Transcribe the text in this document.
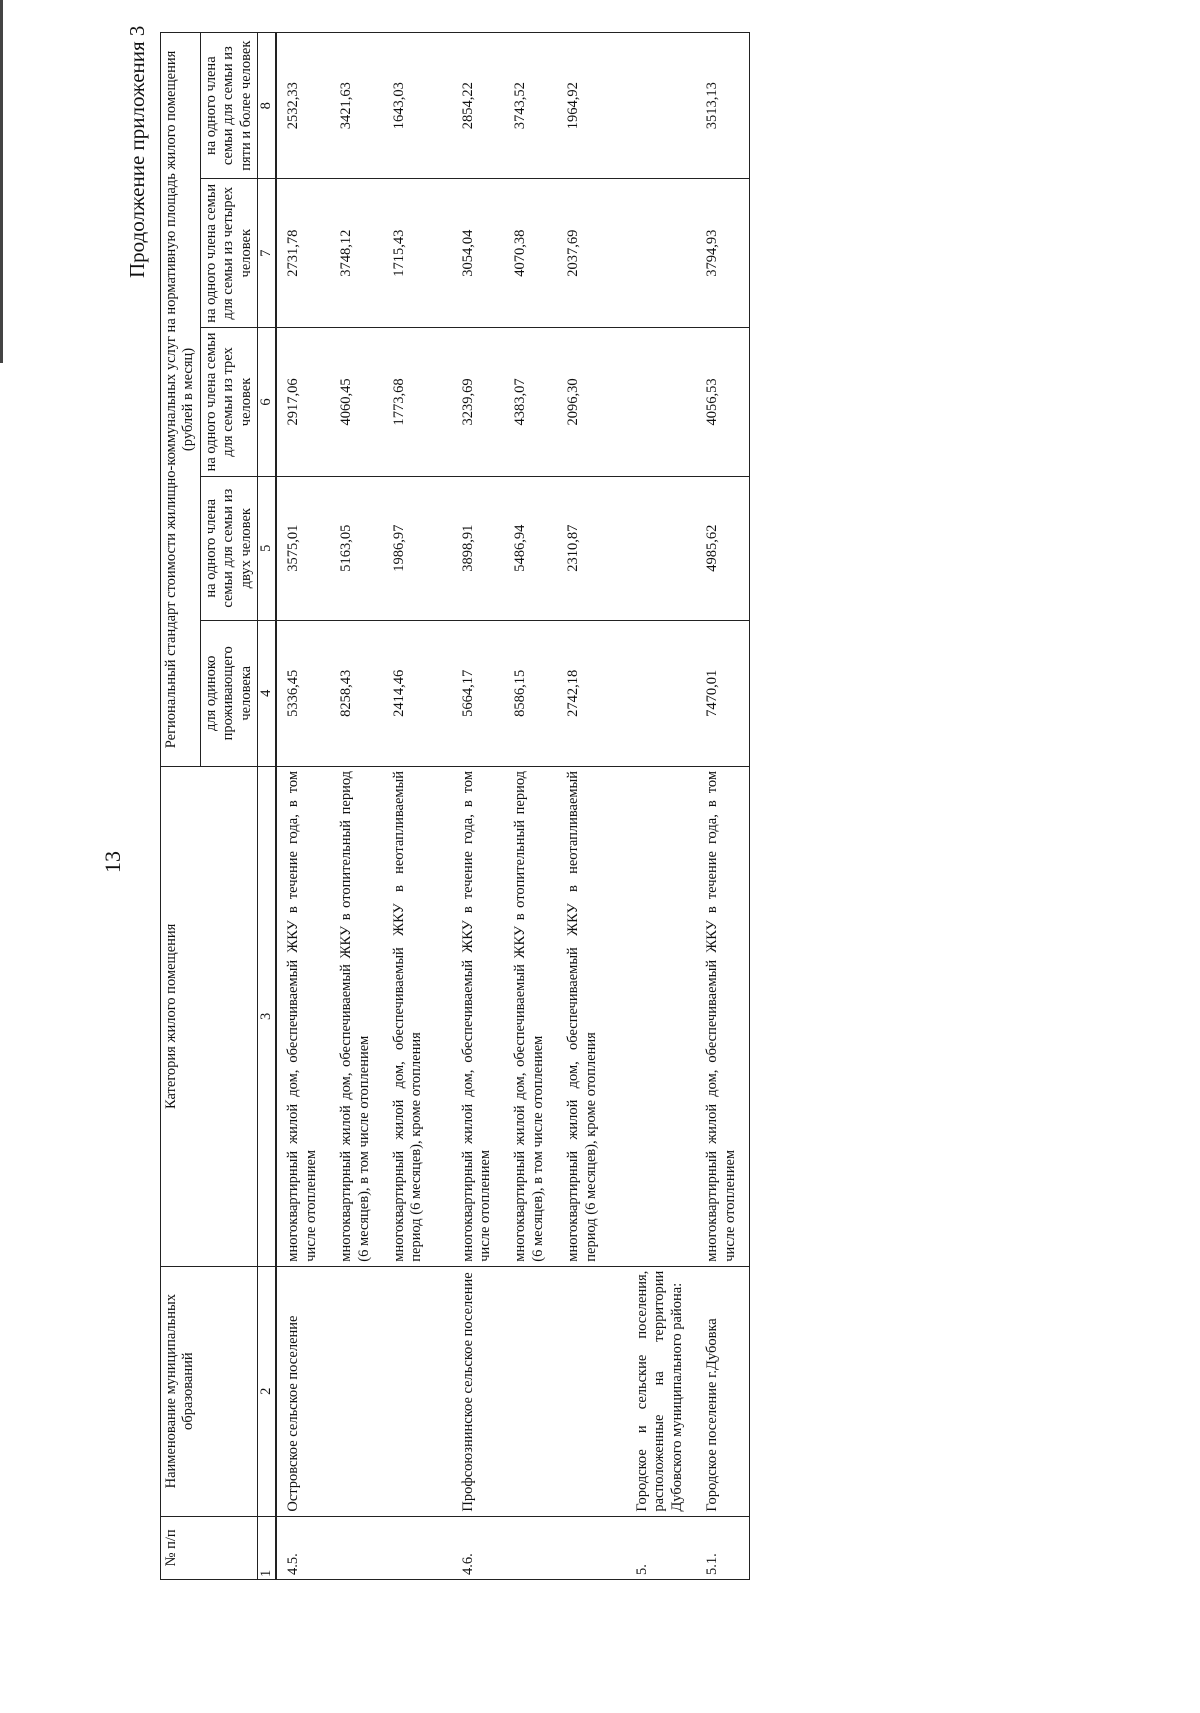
13
Продолжение приложения 3
№ п/п	Наименование муниципальных образований	Категория жилого помещения	Региональный стандарт стоимости жилищно-коммунальных услуг на нормативную площадь жилого помещения (рублей в месяц)				
			для одиноко проживающего человека	на одного члена семьи для семьи из двух человек	на одного члена семьи для семьи из трех человек	на одного члена семьи для семьи из четырех человек	на одного члена семьи для семьи из пяти и более человек
1	2	3	4	5	6	7	8
4.5.	Островское сельское поселение	многоквартирный жилой дом, обеспечиваемый ЖКУ в течение года, в том числе отоплением	5336,45	3575,01	2917,06	2731,78	2532,33
		многоквартирный жилой дом, обеспечиваемый ЖКУ в отопительный период (6 месяцев), в том числе отоплением	8258,43	5163,05	4060,45	3748,12	3421,63
		многоквартирный жилой дом, обеспечиваемый ЖКУ в неотапливаемый период (6 месяцев), кроме отопления	2414,46	1986,97	1773,68	1715,43	1643,03
4.6.	Профсоюзнинское сельское поселение	многоквартирный жилой дом, обеспечиваемый ЖКУ в течение года, в том числе отоплением	5664,17	3898,91	3239,69	3054,04	2854,22
		многоквартирный жилой дом, обеспечиваемый ЖКУ в отопительный период (6 месяцев), в том числе отоплением	8586,15	5486,94	4383,07	4070,38	3743,52
		многоквартирный жилой дом, обеспечиваемый ЖКУ в неотапливаемый период (6 месяцев), кроме отопления	2742,18	2310,87	2096,30	2037,69	1964,92
5.	Городское и сельские поселения, расположенные на территории Дубовского муниципального района:						
5.1.	Городское поселение г.Дубовка	многоквартирный жилой дом, обеспечиваемый ЖКУ в течение года, в том числе отоплением	7470,01	4985,62	4056,53	3794,93	3513,13
